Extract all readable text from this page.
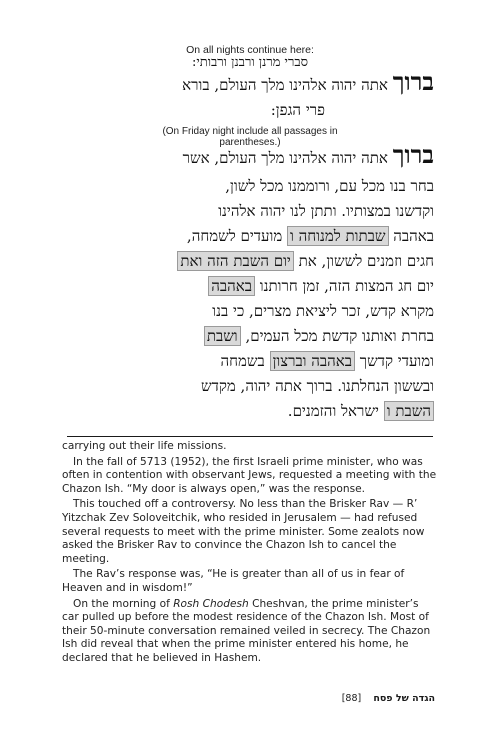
On all nights continue here:
סברי מרנן ורבנן ורבותי:
ברוך אתה יהוה אלהינו מלך העולם, בורא
פרי הגפן:
(On Friday night include all passages in parentheses.)	ברוך אתה יהוה אלהינו מלך העולם, אשר
בחר בנו מכל עם, ורוממנו מכל לשון,
וקדשנו במצותיו. ותתן לנו יהוה אלהינו
באהבה שבתות למנוחה ו מועדים לשמחה,
חגים וזמנים לששון, את יום השבת הזה ואת
יום חג המצות הזה, זמן חרותנו באהבה
מקרא קדש, זכר ליציאת מצרים, כי בנו
בחרת ואותנו קדשת מכל העמים, ושבת
ומועדי קדשך באהבה וברצון בשמחה
ובששון הנחלתנו. ברוך אתה יהוה, מקדש
השבת ו ישראל והזמנים.

carrying out their life missions.

In the fall of 5713 (1952), the first Israeli prime minister, who was often in contention with observant Jews, requested a meeting with the Chazon Ish. “My door is always open,” was the response.

This touched off a controversy. No less than the Brisker Rav — R’ Yitzchak Zev Soloveitchik, who resided in Jerusalem — had refused several requests to meet with the prime minister. Some zealots now asked the Brisker Rav to convince the Chazon Ish to cancel the meeting.

The Rav’s response was, “He is greater than all of us in fear of Heaven and in wisdom!”

On the morning of Rosh Chodesh Cheshvan, the prime minister’s car pulled up before the modest residence of the Chazon Ish. Most of their 50-minute conversation remained veiled in secrecy. The Chazon Ish did reveal that when the prime minister entered his home, he declared that he believed in Hashem.

הגדה של פסח    [88]
